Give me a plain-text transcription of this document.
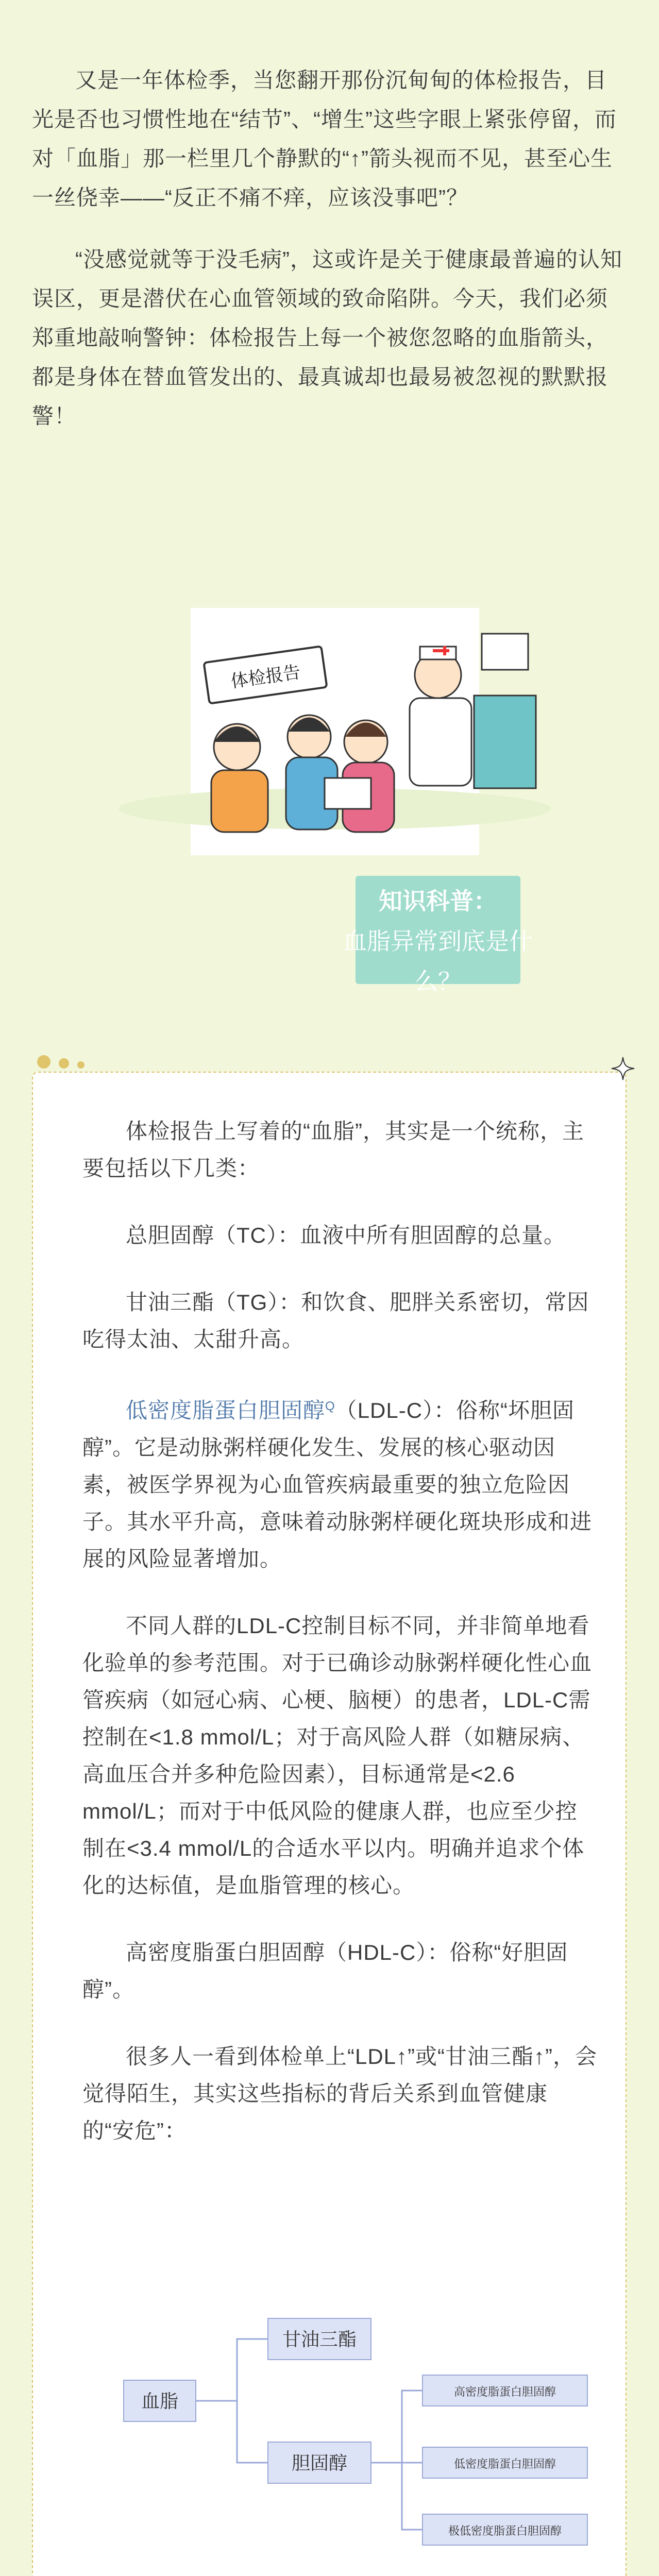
又是一年体检季，当您翻开那份沉甸甸的体检报告，目光是否也习惯性地在“结节”、“增生”这些字眼上紧张停留，而对「血脂」那一栏里几个静默的“↑”箭头视而不见，甚至心生一丝侥幸——“反正不痛不痒，应该没事吧”？

“没感觉就等于没毛病”，这或许是关于健康最普遍的认知误区，更是潜伏在心血管领域的致命陷阱。今天，我们必须郑重地敲响警钟：体检报告上每一个被您忽略的血脂箭头，都是身体在替血管发出的、最真诚却也最易被忽视的默默报警！

体检报告
知识科普：
血脂异常到底是什么？

体检报告上写着的“血脂”，其实是一个统称，主要包括以下几类：

总胆固醇（TC）：血液中所有胆固醇的总量。

甘油三酯（TG）：和饮食、肥胖关系密切，常因吃得太油、太甜升高。

低密度脂蛋白胆固醇$^Q$（LDL-C）：俗称“坏胆固醇”。它是动脉粥样硬化发生、发展的核心驱动因素，被医学界视为心血管疾病最重要的独立危险因子。其水平升高，意味着动脉粥样硬化斑块形成和进展的风险显著增加。

不同人群的LDL-C控制目标不同，并非简单地看化验单的参考范围。对于已确诊动脉粥样硬化性心血管疾病（如冠心病、心梗、脑梗）的患者，LDL-C需控制在<1.8 mmol/L；对于高风险人群（如糖尿病、高血压合并多种危险因素），目标通常是<2.6 mmol/L；而对于中低风险的健康人群，也应至少控制在<3.4 mmol/L的合适水平以内。明确并追求个体化的达标值，是血脂管理的核心。

高密度脂蛋白胆固醇（HDL-C）：俗称“好胆固醇”。

很多人一看到体检单上“LDL↑”或“甘油三酯↑”，会觉得陌生，其实这些指标的背后关系到血管健康的“安危”：

血脂
甘油三酯
胆固醇
高密度脂蛋白胆固醇
低密度脂蛋白胆固醇
极低密度脂蛋白胆固醇
